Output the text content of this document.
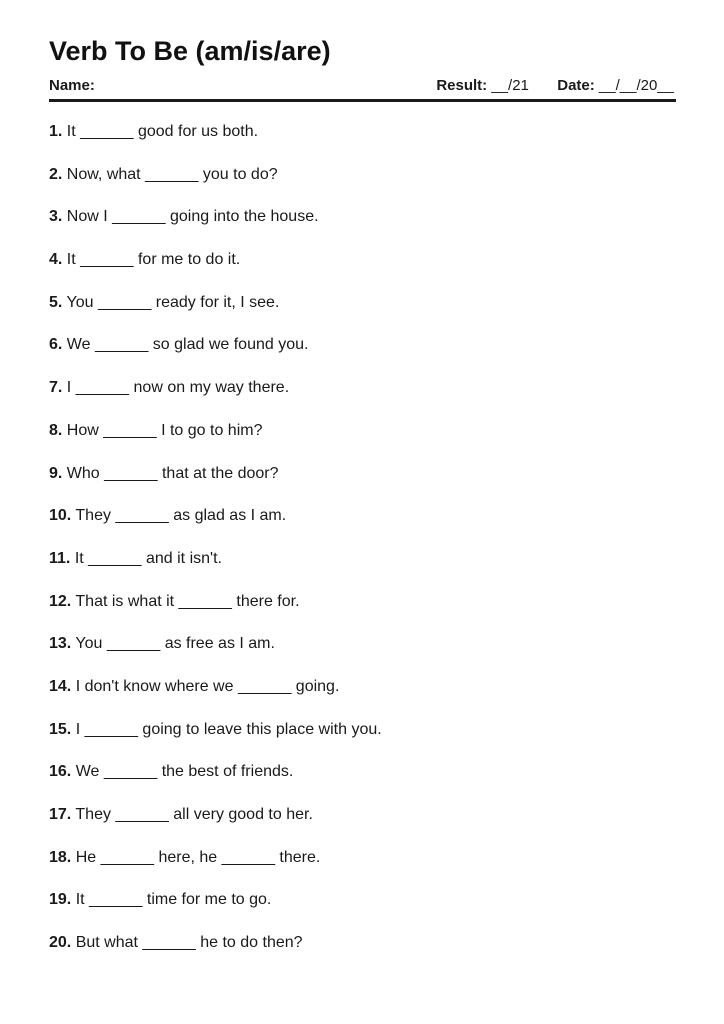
Verb To Be (am/is/are)
Name:	Result: __/21 Date: __/__/20__
1. It ______ good for us both.
2. Now, what ______ you to do?
3. Now I ______ going into the house.
4. It ______ for me to do it.
5. You ______ ready for it, I see.
6. We ______ so glad we found you.
7. I ______ now on my way there.
8. How ______ I to go to him?
9. Who ______ that at the door?
10. They ______ as glad as I am.
11. It ______ and it isn't.
12. That is what it ______ there for.
13. You ______ as free as I am.
14. I don't know where we ______ going.
15. I ______ going to leave this place with you.
16. We ______ the best of friends.
17. They ______ all very good to her.
18. He ______ here, he ______ there.
19. It ______ time for me to go.
20. But what ______ he to do then?
